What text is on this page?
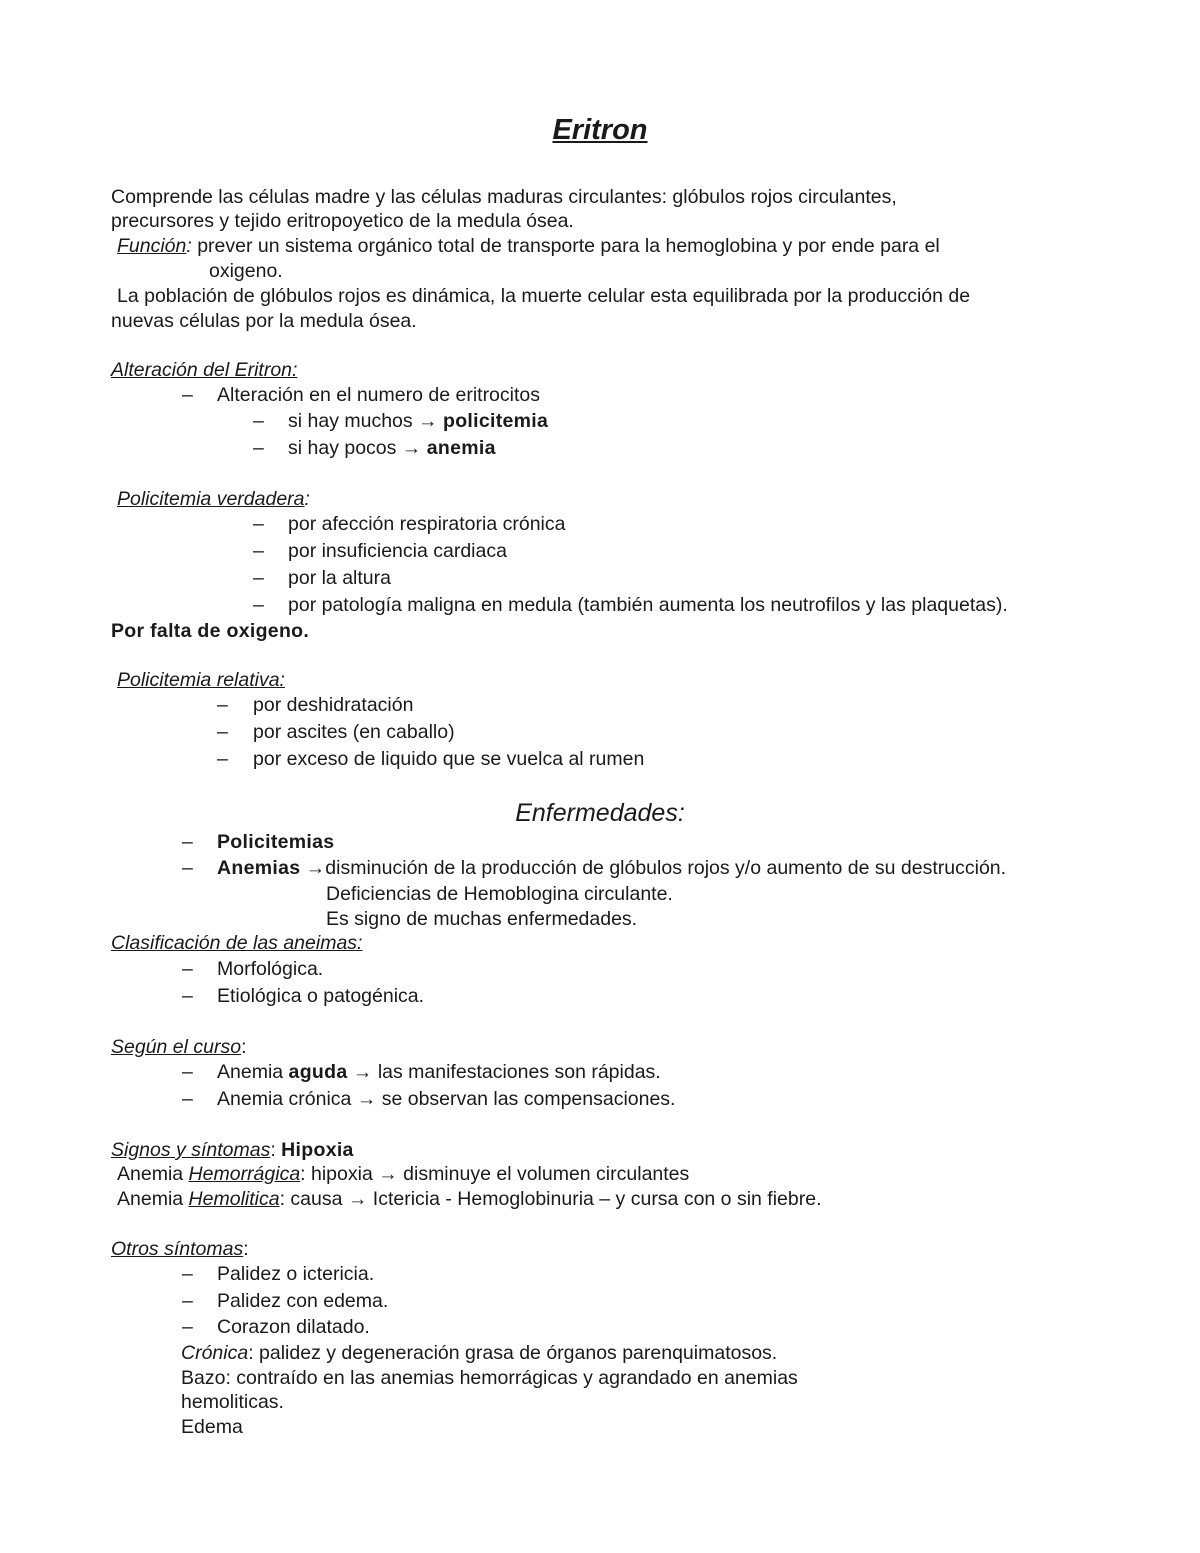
Eritron
Comprende las células madre y las células maduras circulantes: glóbulos rojos circulantes,
precursores y tejido eritropoyetico de la medula ósea.
Función: prever un sistema orgánico total de transporte para la hemoglobina y por ende para el
oxigeno.
La población de glóbulos rojos es dinámica, la muerte celular esta equilibrada por la producción de
nuevas células por la medula ósea.
Alteración del Eritron:
– Alteración en el numero de eritrocitos
– si hay muchos → policitemia
– si hay pocos → anemia
Policitemia verdadera:
– por afección respiratoria crónica
– por insuficiencia cardiaca
– por la altura
– por patología maligna en medula (también aumenta los neutrofilos y las plaquetas).
Por falta de oxigeno.
Policitemia relativa:
– por deshidratación
– por ascites (en caballo)
– por exceso de liquido que se vuelca al rumen
Enfermedades:
– Policitemias
– Anemias →disminución de la producción de glóbulos rojos y/o aumento de su destrucción.
Deficiencias de Hemoblogina circulante.
Es signo de muchas enfermedades.
Clasificación de las aneimas:
– Morfológica.
– Etiológica o patogénica.
Según el curso:
– Anemia aguda → las manifestaciones son rápidas.
– Anemia crónica → se observan las compensaciones.
Signos y síntomas: Hipoxia
Anemia Hemorrágica: hipoxia → disminuye el volumen circulantes
Anemia Hemolitica: causa → Ictericia - Hemoglobinuria – y cursa con o sin fiebre.
Otros síntomas:
– Palidez o ictericia.
– Palidez con edema.
– Corazon dilatado.
Crónica: palidez y degeneración grasa de órganos parenquimatosos.
Bazo: contraído en las anemias hemorrágicas y agrandado en anemias
hemoliticas.
Edema
